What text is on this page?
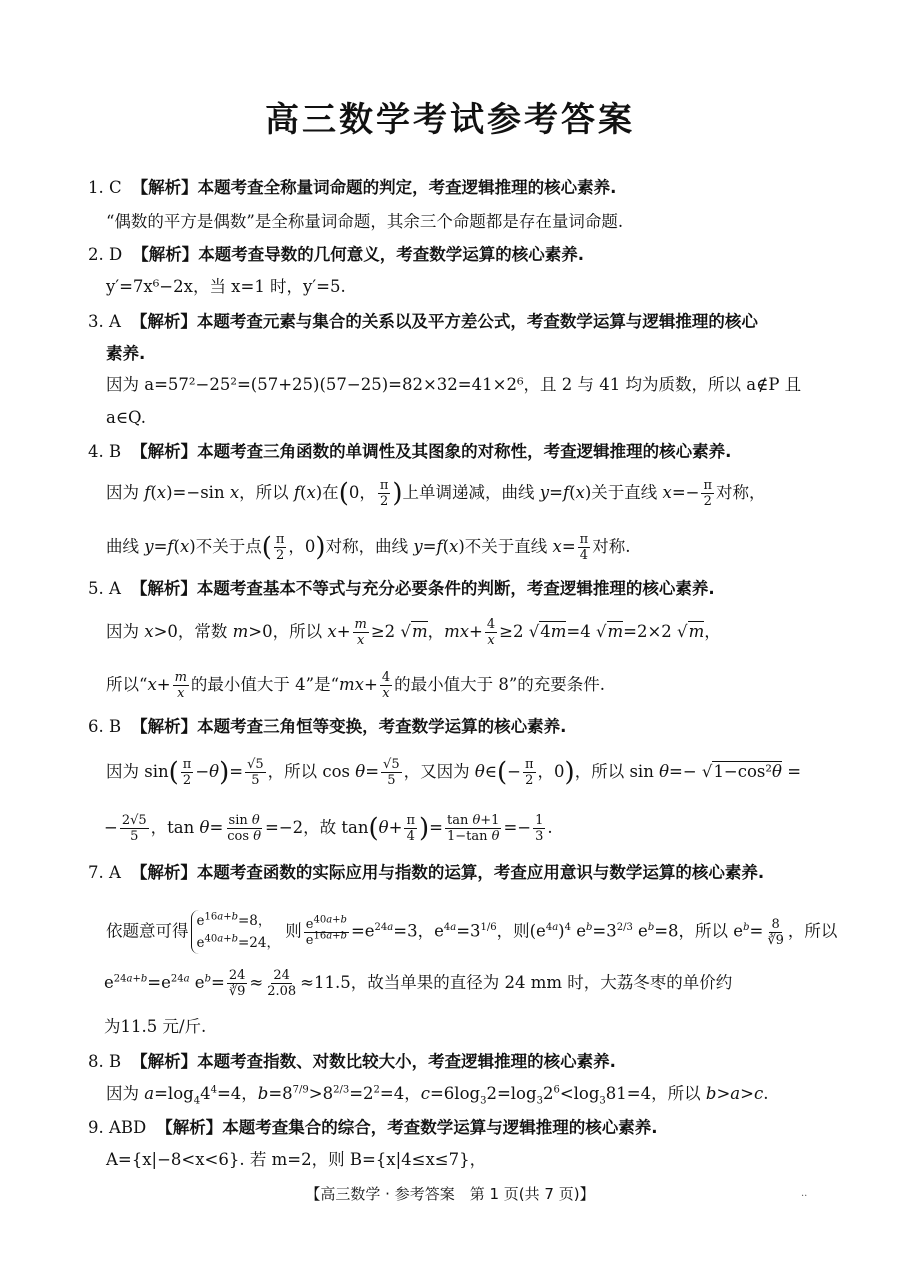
高三数学考试参考答案
1. C 【解析】本题考查全称量词命题的判定，考查逻辑推理的核心素养.
“偶数的平方是偶数”是全称量词命题，其余三个命题都是存在量词命题.
2. D 【解析】本题考查导数的几何意义，考查数学运算的核心素养.
y′=7x⁶−2x，当 x=1 时，y′=5.
3. A 【解析】本题考查元素与集合的关系以及平方差公式，考查数学运算与逻辑推理的核心
素养.
因为 a=57²−25²=(57+25)(57−25)=82×32=41×2⁶，且 2 与 41 均为质数，所以 a∉P 且
a∈Q.
4. B 【解析】本题考查三角函数的单调性及其图象的对称性，考查逻辑推理的核心素养.
因为 f(x)=−sin x，所以 f(x)在(0， $\frac{\pi}{2}$ )上单调递减，曲线 y=f(x)关于直线 $x=- \frac{\pi}{2}$ 对称，
曲线 y=f(x)不关于点( $\frac{\pi}{2}$ ，0)对称，曲线 y=f(x)不关于直线 $x= \frac{\pi}{4}$ 对称.
5. A 【解析】本题考查基本不等式与充分必要条件的判断，考查逻辑推理的核心素养.
因为 x>0，常数 m>0，所以 $x+ \frac{m}{x} \ge 2$ √m，$mx+ \frac{4}{x} \ge 2$ √4m=4 √m=2×2 √m，
所以“$x+ \frac{m}{x}$ 的最小值大于 4”是“$mx+ \frac{4}{x}$ 的最小值大于 8”的充要条件.
6. B 【解析】本题考查三角恒等变换，考查数学运算的核心素养.
因为 $\sin( \frac{\pi}{2} -\theta)= \frac{√5}{5}$ ，所以 $\cos \theta= \frac{√5}{5}$ ，又因为 θ∈(− $\frac{\pi}{2}$ ，0)，所以 sin θ=− √1−cos²θ =
− $\frac{2√5}{5}$ ，$\tan \theta= \frac{\text{sin θ}}{\text{cos θ}} =-2$，故 $\tan(\theta+ \frac{\pi}{4}$ )= $\frac{\text{tan θ+1}}{\text{1−tan θ}} =- \frac{1}{3}$ .
7. A 【解析】本题考查函数的实际应用与指数的运算，考查应用意识与数学运算的核心素养.
依题意可得$e^{16a+b}=8$，
$e^{40a+b}=24$， 则 $\frac{e^{40a+b}}{e^{16a+b}} =e^{24a}=3$，$e^{4a}=3^{1/6}$，则$(e^{4a})^4$ $e^b=3^{2/3}$ $e^b=8$，所以 $e^b= \frac{8}{∛9}$ ，所以
$e^{24a+b}=e^{24a}$ $e^b= \frac{24}{∛9} \approx \frac{24}{2.08} \approx 11.5$，故当单果的直径为 24 mm 时，大荔冬枣的单价约
为11.5 元/斤.
8. B 【解析】本题考查指数、对数比较大小，考查逻辑推理的核心素养.
因为 $a=\log_44^4=4$，$b=8^{7/9}>8^{2/3}=2^2=4$，$c=6\log_32=\log_32^6<\log_381=4$，所以 b>a>c.
9. ABD 【解析】本题考查集合的综合，考查数学运算与逻辑推理的核心素养.
A={x|−8<x<6}. 若 m=2，则 B={x|4≤x≤7}，
【高三数学 · 参考答案　第 1 页(共 7 页)】	..
